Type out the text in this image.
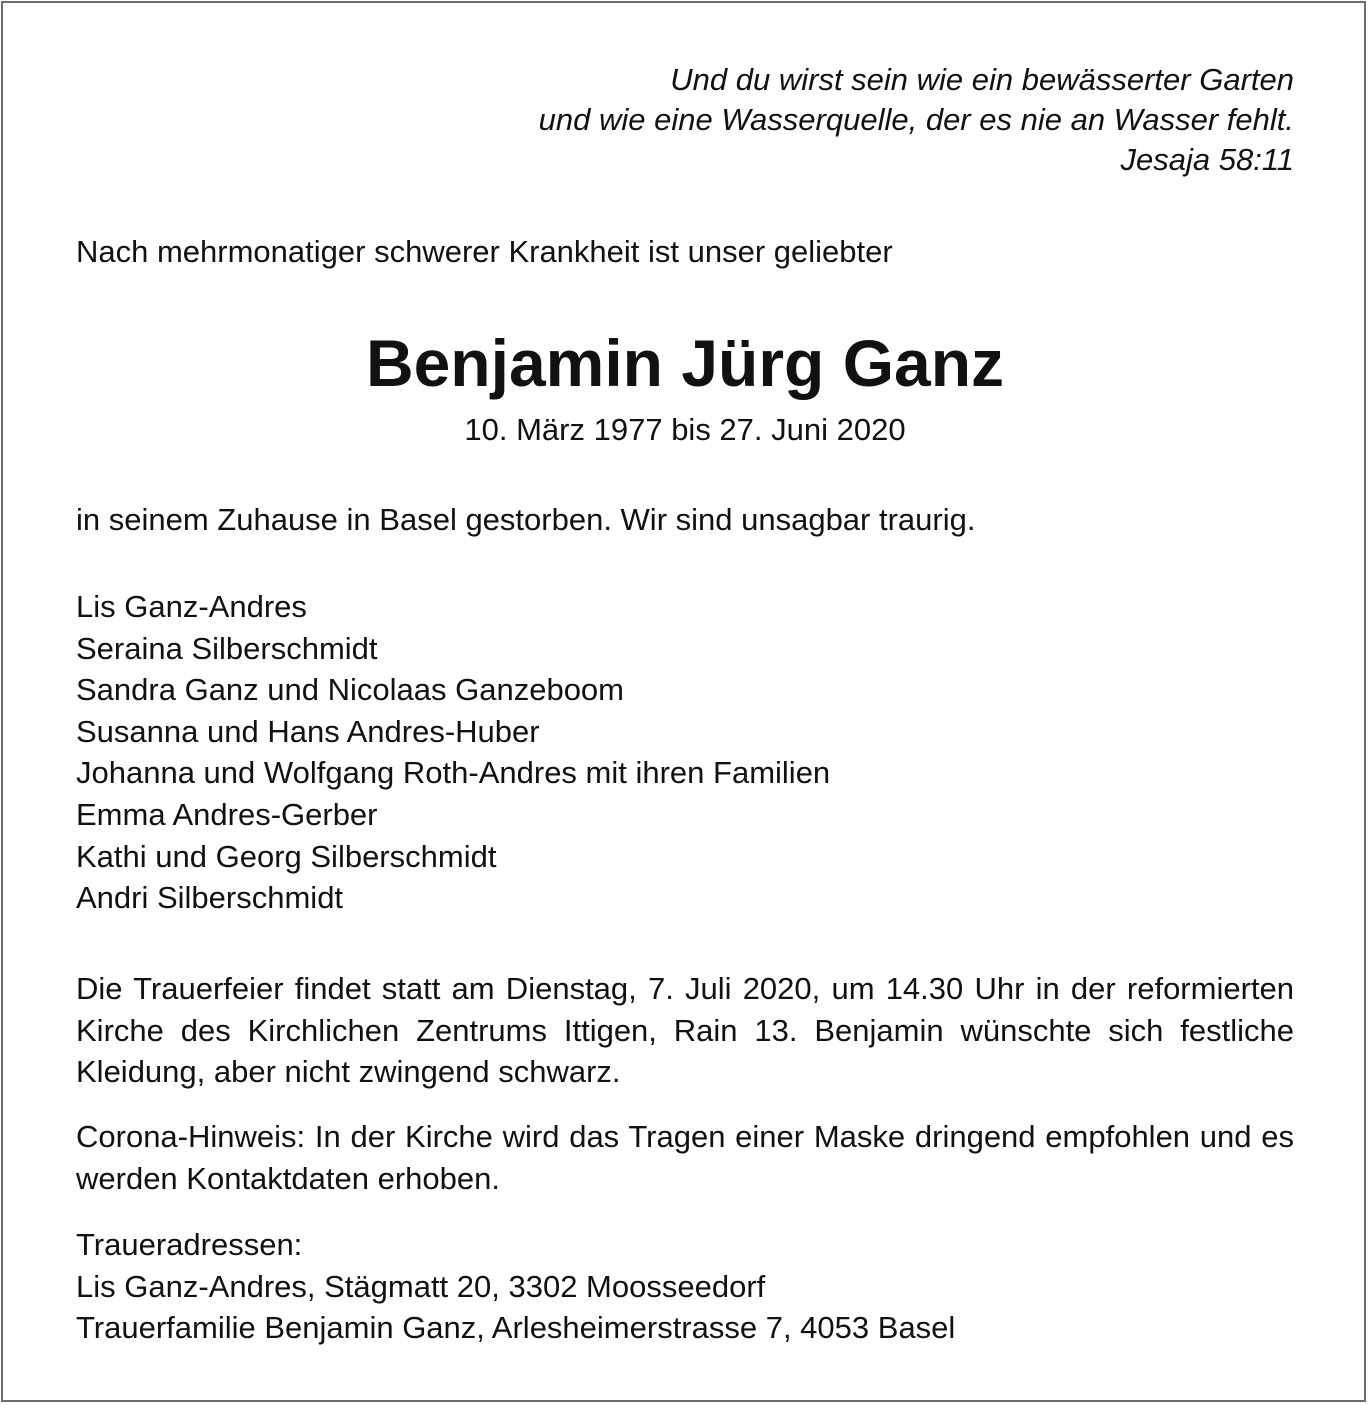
Und du wirst sein wie ein bewässerter Garten
und wie eine Wasserquelle, der es nie an Wasser fehlt.
Jesaja 58:11
Nach mehrmonatiger schwerer Krankheit ist unser geliebter
Benjamin Jürg Ganz
10. März 1977 bis 27. Juni 2020
in seinem Zuhause in Basel gestorben. Wir sind unsagbar traurig.
Lis Ganz-Andres
Seraina Silberschmidt
Sandra Ganz und Nicolaas Ganzeboom
Susanna und Hans Andres-Huber
Johanna und Wolfgang Roth-Andres mit ihren Familien
Emma Andres-Gerber
Kathi und Georg Silberschmidt
Andri Silberschmidt
Die Trauerfeier findet statt am Dienstag, 7. Juli 2020, um 14.30 Uhr in der reformierten Kirche des Kirchlichen Zentrums Ittigen, Rain 13. Benjamin wünschte sich festliche Kleidung, aber nicht zwingend schwarz.
Corona-Hinweis: In der Kirche wird das Tragen einer Maske dringend empfohlen und es werden Kontaktdaten erhoben.
Traueradressen:
Lis Ganz-Andres, Stägmatt 20, 3302 Moosseedorf
Trauerfamilie Benjamin Ganz, Arlesheimerstrasse 7, 4053 Basel
